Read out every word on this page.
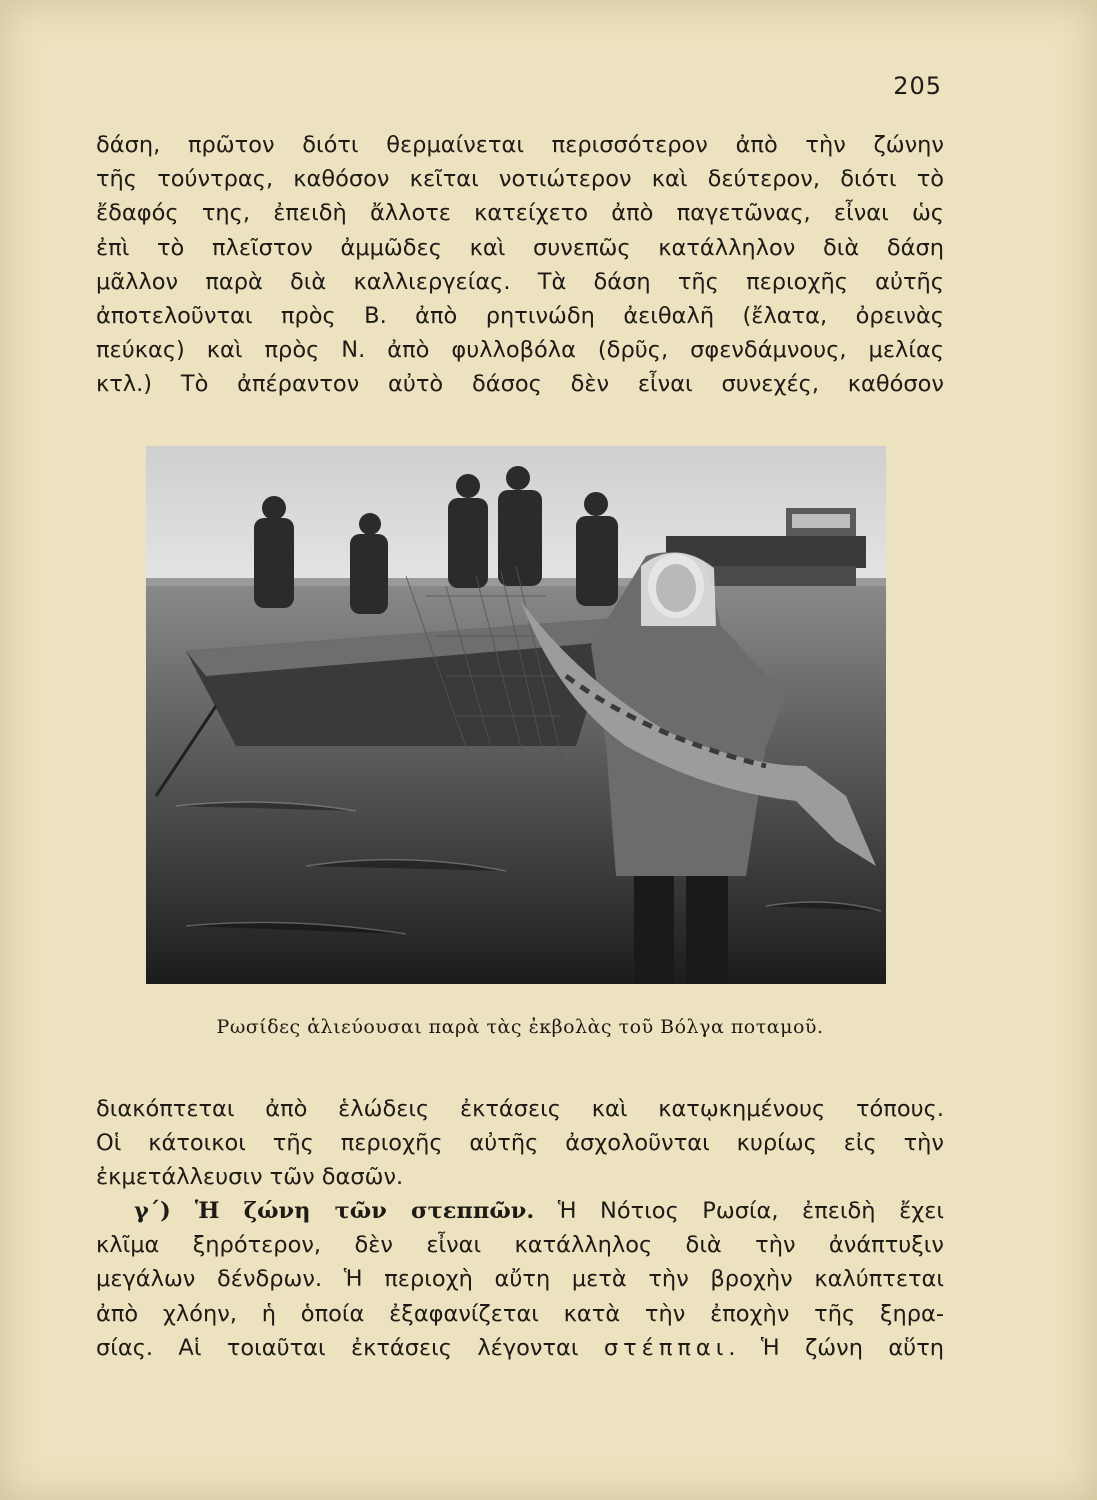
205
δάση, πρῶτον διότι θερμαίνεται περισσότερον ἀπὸ τὴν ζώνην
τῆς τούντρας, καθόσον κεῖται νοτιώτερον καὶ δεύτερον, διότι τὸ
ἔδαφός της, ἐπειδὴ ἄλλοτε κατείχετο ἀπὸ παγετῶνας, εἶναι ὡς
ἐπὶ τὸ πλεῖστον ἀμμῶδες καὶ συνεπῶς κατάλληλον διὰ δάση
μᾶλλον παρὰ διὰ καλλιεργείας. Τὰ δάση τῆς περιοχῆς αὐτῆς
ἀποτελοῦνται πρὸς Β. ἀπὸ ρητινώδη ἀειθαλῆ (ἔλατα, ὀρεινὰς
πεύκας) καὶ πρὸς Ν. ἀπὸ φυλλοβόλα (δρῦς, σφενδάμνους, μελίας
κτλ.) Τὸ ἀπέραντον αὐτὸ δάσος δὲν εἶναι συνεχές, καθόσον
Ρωσίδες ἁλιεύουσαι παρὰ τὰς ἐκβολὰς τοῦ Βόλγα ποταμοῦ.
διακόπτεται ἀπὸ ἑλώδεις ἐκτάσεις καὶ κατῳκημένους τόπους.
Οἱ κάτοικοι τῆς περιοχῆς αὐτῆς ἀσχολοῦνται κυρίως εἰς τὴν
ἐκμετάλλευσιν τῶν δασῶν.
γ΄) Ἡ ζώνη τῶν στεππῶν. Ἡ Νότιος Ρωσία, ἐπειδὴ ἔχει
κλῖμα ξηρότερον, δὲν εἶναι κατάλληλος διὰ τὴν ἀνάπτυξιν
μεγάλων δένδρων. Ἡ περιοχὴ αὔτη μετὰ τὴν βροχὴν καλύπτεται
ἀπὸ χλόην, ἡ ὁποία ἐξαφανίζεται κατὰ τὴν ἐποχὴν τῆς ξηρα-
σίας. Αἱ τοιαῦται ἐκτάσεις λέγονται στέππαι. Ἡ ζώνη αὕτη
